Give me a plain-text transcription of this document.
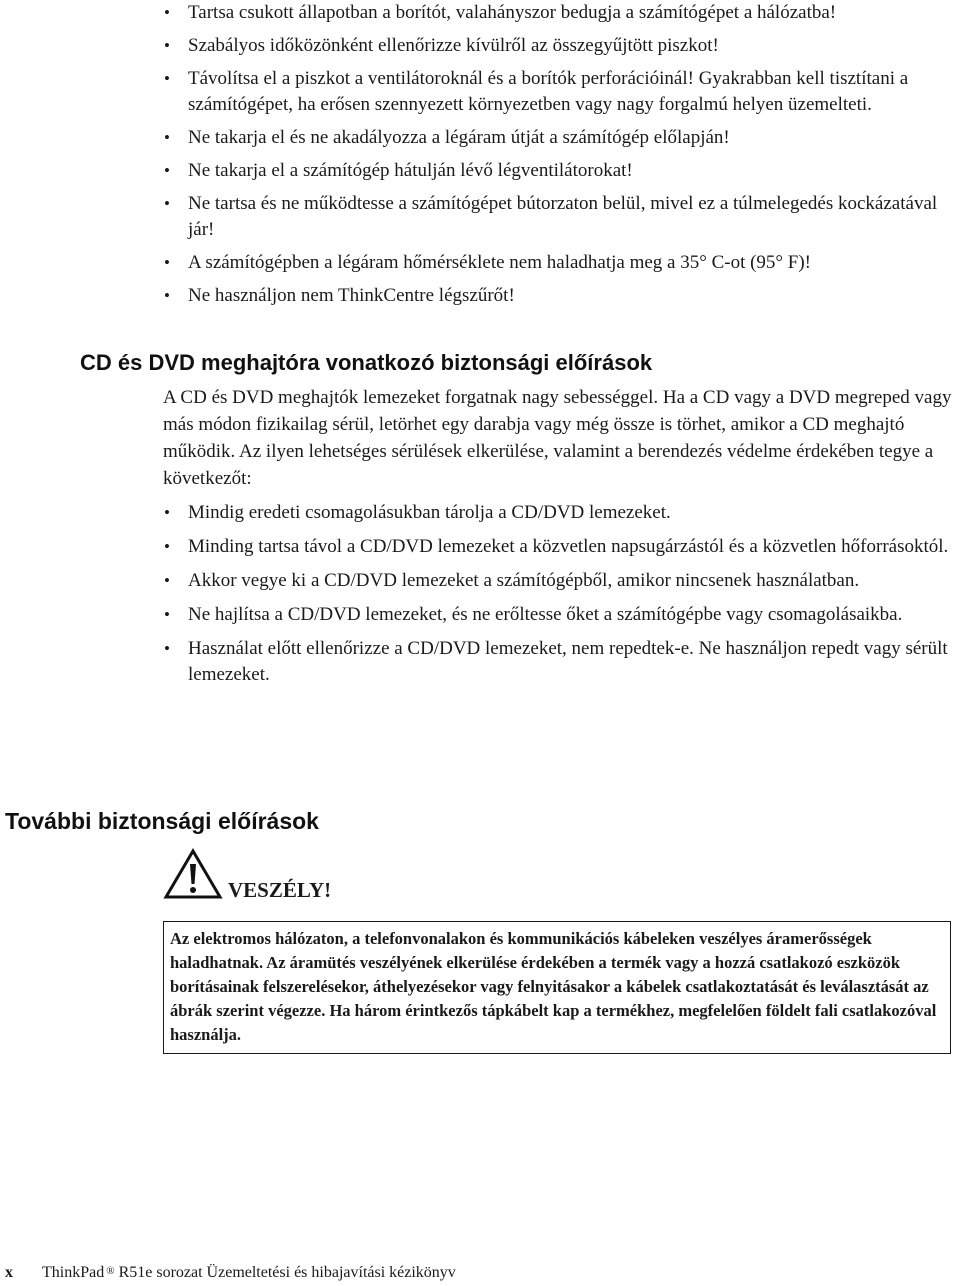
• Tartsa csukott állapotban a borítót, valahányszor bedugja a számítógépet a hálózatba!
• Szabályos időközönként ellenőrizze kívülről az összegyűjtött piszkot!
• Távolítsa el a piszkot a ventilátoroknál és a borítók perforációinál! Gyakrabban kell tisztítani a számítógépet, ha erősen szennyezett környezetben vagy nagy forgalmú helyen üzemelteti.
• Ne takarja el és ne akadályozza a légáram útját a számítógép előlapján!
• Ne takarja el a számítógép hátulján lévő légventilátorokat!
• Ne tartsa és ne működtesse a számítógépet bútorzaton belül, mivel ez a túlmelegedés kockázatával jár!
• A számítógépben a légáram hőmérséklete nem haladhatja meg a 35° C-ot (95° F)!
• Ne használjon nem ThinkCentre légszűrőt!
CD és DVD meghajtóra vonatkozó biztonsági előírások

A CD és DVD meghajtók lemezeket forgatnak nagy sebességgel. Ha a CD vagy a DVD megreped vagy más módon fizikailag sérül, letörhet egy darabja vagy még össze is törhet, amikor a CD meghajtó működik. Az ilyen lehetséges sérülések elkerülése, valamint a berendezés védelme érdekében tegye a következőt:

• Mindig eredeti csomagolásukban tárolja a CD/DVD lemezeket.
• Minding tartsa távol a CD/DVD lemezeket a közvetlen napsugárzástól és a közvetlen hőforrásoktól.
• Akkor vegye ki a CD/DVD lemezeket a számítógépből, amikor nincsenek használatban.
• Ne hajlítsa a CD/DVD lemezeket, és ne erőltesse őket a számítógépbe vagy csomagolásaikba.
• Használat előtt ellenőrizze a CD/DVD lemezeket, nem repedtek-e. Ne használjon repedt vagy sérült lemezeket.
További biztonsági előírások
VESZÉLY!
Az elektromos hálózaton, a telefonvonalakon és kommunikációs kábeleken veszélyes áramerősségek haladhatnak. Az áramütés veszélyének elkerülése érdekében a termék vagy a hozzá csatlakozó eszközök borításainak felszerelésekor, áthelyezésekor vagy felnyitásakor a kábelek csatlakoztatását és leválasztását az ábrák szerint végezze. Ha három érintkezős tápkábelt kap a termékhez, megfelelően földelt fali csatlakozóval használja.
x	ThinkPad® R51e sorozat Üzemeltetési és hibajavítási kézikönyv
